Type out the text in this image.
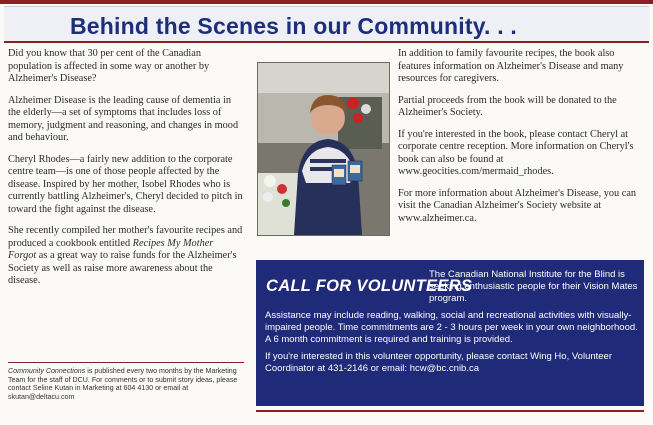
Behind the Scenes in our Community. . .

Did you know that 30 per cent of the Canadian population is affected in some way or another by Alzheimer's Disease?

Alzheimer Disease is the leading cause of dementia in the elderly—a set of symptoms that includes loss of memory, judgment and reasoning, and changes in mood and behaviour.

Cheryl Rhodes—a fairly new addition to the corporate centre team—is one of those people affected by the disease. Inspired by her mother, Isobel Rhodes who is currently battling Alzheimer's, Cheryl decided to pitch in toward the fight against the disease.

She recently compiled her mother's favourite recipes and produced a cookbook entitled Recipes My Mother Forgot as a great way to raise funds for the Alzheimer's Society as well as raise more awareness about the disease.

Community Connections is published every two months by the Marketing Team for the staff of DCU. For comments or to submit story ideas, please contact Seline Kutan in Marketing at 604 4130 or email at skutan@deltacu.com

In addition to family favourite recipes, the book also features information on Alzheimer's Disease and many resources for caregivers.

Partial proceeds from the book will be donated to the Alzheimer's Society.

If you're interested in the book, please contact Cheryl at corporate centre reception. More information on Cheryl's book can also be found at www.geocities.com/mermaid_rhodes.

For more information about Alzheimer's Disease, you can visit the Canadian Alzheimer's Society website at www.alzheimer.ca.

CALL FOR VOLUNTEERS
The Canadian National Institute for the Blind is seeking enthusiastic people for their Vision Mates program.

Assistance may include reading, walking, social and recreational activities with visually-impaired people. Time commitments are 2 - 3 hours per week in your own neighborhood. A 6 month commitment is required and training is provided.

If you're interested in this volunteer opportunity, please contact Wing Ho, Volunteer Coordinator at 431-2146 or email: hcw@bc.cnib.ca
